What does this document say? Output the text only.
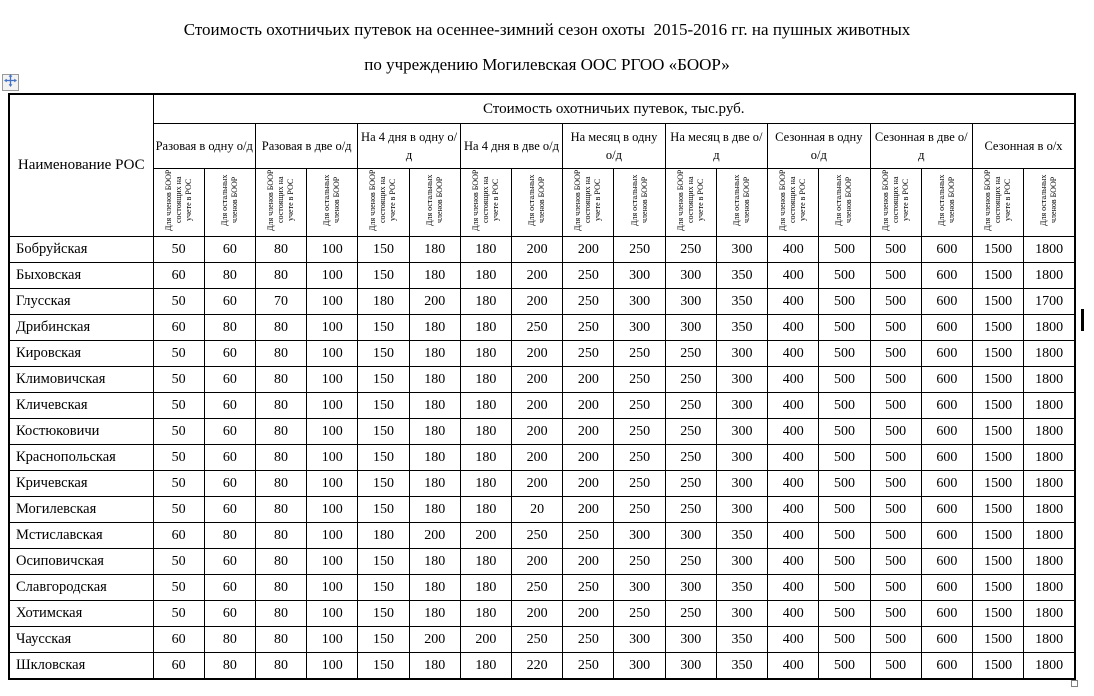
Стоимость охотничьих путевок на осеннее-зимний сезон охоты  2015-2016 гг. на пушных животных
по учреждению Могилевская ООС РГОО «БООР»
Наименование РОС	Стоимость охотничьих путевок, тыс.руб.																	
	Разовая в одну о/д		Разовая в две о/д		На 4 дня в одну о/д		На 4 дня в две о/д		На месяц в одну о/д		На месяц в две о/д		Сезонная в одну о/д		Сезонная в две о/д		Сезонная в о/х	
	Для членов БООР состоящих на учете в РОС	Для остальных членов БООР	Для членов БООР состоящих на учете в РОС	Для остальных членов БООР	Для членов БООР состоящих на учете в РОС	Для остальных членов БООР	Для членов БООР состоящих на учете в РОС	Для остальных членов БООР	Для членов БООР состоящих на учете в РОС	Для остальных членов БООР	Для членов БООР состоящих на учете в РОС	Для остальных членов БООР	Для членов БООР состоящих на учете в РОС	Для остальных членов БООР	Для членов БООР состоящих на учете в РОС	Для остальных членов БООР	Для членов БООР состоящих на учете в РОС	Для остальных членов БООР
Бобруйская	50	60	80	100	150	180	180	200	200	250	250	300	400	500	500	600	1500	1800
Быховская	60	80	80	100	150	180	180	200	250	300	300	350	400	500	500	600	1500	1800
Глусская	50	60	70	100	180	200	180	200	250	300	300	350	400	500	500	600	1500	1700
Дрибинская	60	80	80	100	150	180	180	250	250	300	300	350	400	500	500	600	1500	1800
Кировская	50	60	80	100	150	180	180	200	250	250	250	300	400	500	500	600	1500	1800
Климовичская	50	60	80	100	150	180	180	200	200	250	250	300	400	500	500	600	1500	1800
Кличевская	50	60	80	100	150	180	180	200	200	250	250	300	400	500	500	600	1500	1800
Костюковичи	50	60	80	100	150	180	180	200	200	250	250	300	400	500	500	600	1500	1800
Краснопольская	50	60	80	100	150	180	180	200	200	250	250	300	400	500	500	600	1500	1800
Кричевская	50	60	80	100	150	180	180	200	200	250	250	300	400	500	500	600	1500	1800
Могилевская	50	60	80	100	150	180	180	20	200	250	250	300	400	500	500	600	1500	1800
Мстиславская	60	80	80	100	180	200	200	250	250	300	300	350	400	500	500	600	1500	1800
Осиповичская	50	60	80	100	150	180	180	200	200	250	250	300	400	500	500	600	1500	1800
Славгородская	50	60	80	100	150	180	180	250	250	300	300	350	400	500	500	600	1500	1800
Хотимская	50	60	80	100	150	180	180	200	200	250	250	300	400	500	500	600	1500	1800
Чаусская	60	80	80	100	150	200	200	250	250	300	300	350	400	500	500	600	1500	1800
Шкловская	60	80	80	100	150	180	180	220	250	300	300	350	400	500	500	600	1500	1800
